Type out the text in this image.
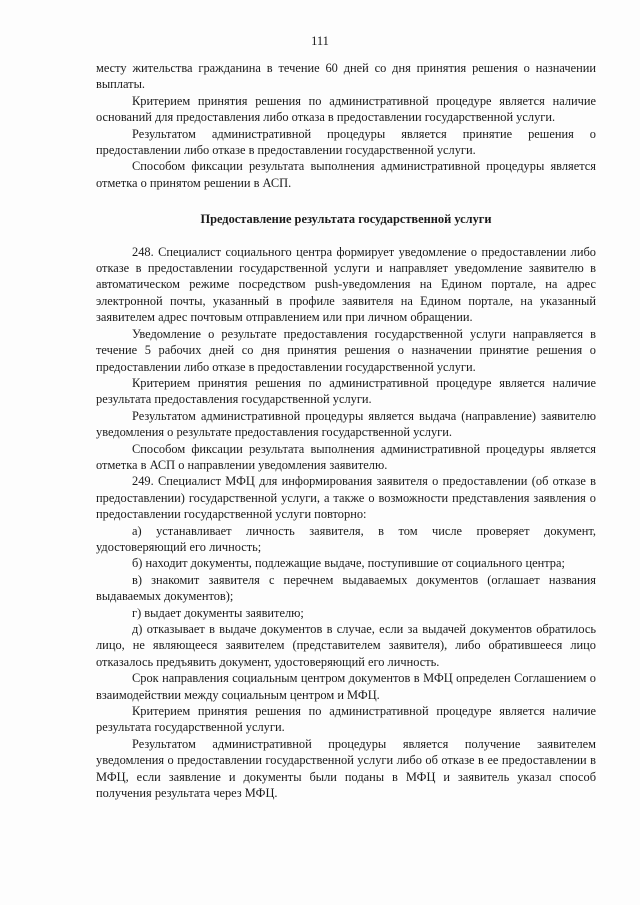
111

месту жительства гражданина в течение 60 дней со дня принятия решения о назначении выплаты.

Критерием принятия решения по административной процедуре является наличие оснований для предоставления либо отказа в предоставлении государственной услуги.

Результатом административной процедуры является принятие решения о предоставлении либо отказе в предоставлении государственной услуги.

Способом фиксации результата выполнения административной процедуры является отметка о принятом решении в АСП.

Предоставление результата государственной услуги

248. Специалист социального центра формирует уведомление о предоставлении либо отказе в предоставлении государственной услуги и направляет уведомление заявителю в автоматическом режиме посредством push-уведомления на Едином портале, на адрес электронной почты, указанный в профиле заявителя на Едином портале, на указанный заявителем адрес почтовым отправлением или при личном обращении.

Уведомление о результате предоставления государственной услуги направляется в течение 5 рабочих дней со дня принятия решения о назначении принятие решения о предоставлении либо отказе в предоставлении государственной услуги.

Критерием принятия решения по административной процедуре является наличие результата предоставления государственной услуги.

Результатом административной процедуры является выдача (направление) заявителю уведомления о результате предоставления государственной услуги.

Способом фиксации результата выполнения административной процедуры является отметка в АСП о направлении уведомления заявителю.

249. Специалист МФЦ для информирования заявителя о предоставлении (об отказе в предоставлении) государственной услуги, а также о возможности представления заявления о предоставлении государственной услуги повторно:

а) устанавливает личность заявителя, в том числе проверяет документ, удостоверяющий его личность;

б) находит документы, подлежащие выдаче, поступившие от социального центра;

в) знакомит заявителя с перечнем выдаваемых документов (оглашает названия выдаваемых документов);

г) выдает документы заявителю;

д) отказывает в выдаче документов в случае, если за выдачей документов обратилось лицо, не являющееся заявителем (представителем заявителя), либо обратившееся лицо отказалось предъявить документ, удостоверяющий его личность.

Срок направления социальным центром документов в МФЦ определен Соглашением о взаимодействии между социальным центром и МФЦ.

Критерием принятия решения по административной процедуре является наличие результата государственной услуги.

Результатом административной процедуры является получение заявителем уведомления о предоставлении государственной услуги либо об отказе в ее предоставлении в МФЦ, если заявление и документы были поданы в МФЦ и заявитель указал способ получения результата через МФЦ.
